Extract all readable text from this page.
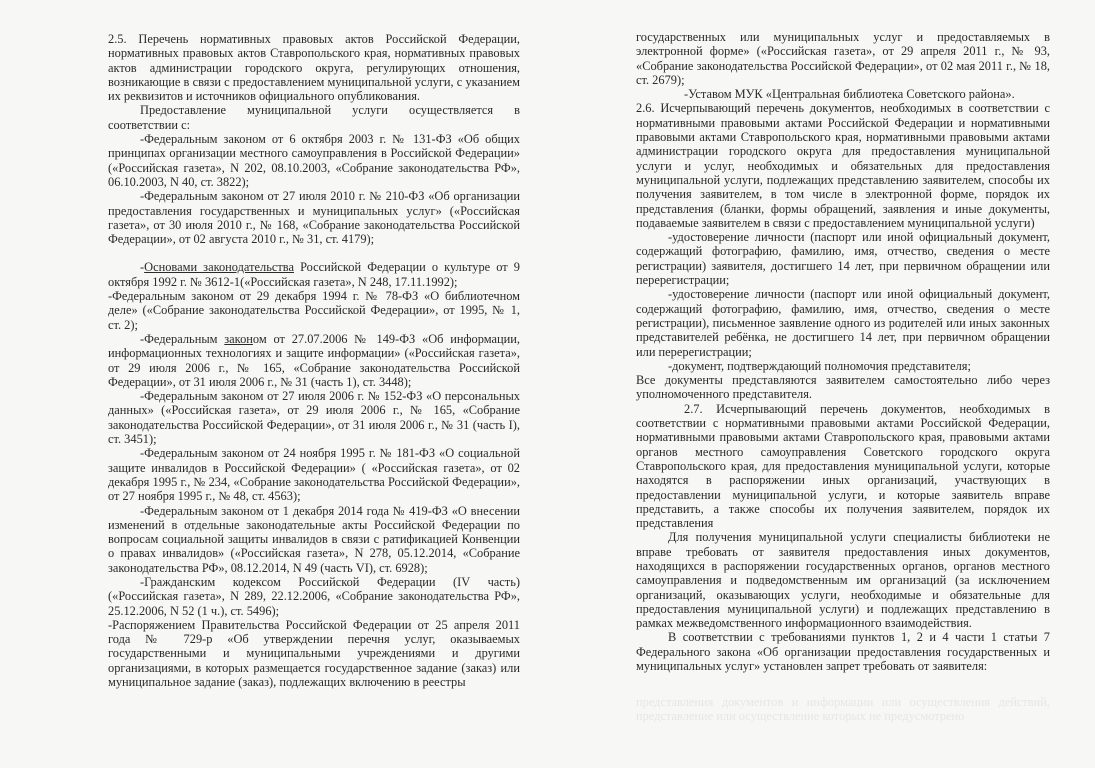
2.5. Перечень нормативных правовых актов Российской Федерации, нормативных правовых актов Ставропольского края, нормативных правовых актов администрации городского округа, регулирующих отношения, возникающие в связи с предоставлением муниципальной услуги, с указанием их реквизитов и источников официального опубликования.

Предоставление муниципальной услуги осуществляется в соответствии с:

-Федеральным законом от 6 октября 2003 г. № 131-ФЗ «Об общих принципах организации местного самоуправления в Российской Федерации» («Российская газета», N 202, 08.10.2003, «Собрание законодательства РФ», 06.10.2003, N 40, ст. 3822);

-Федеральным законом от 27 июля 2010 г. № 210-ФЗ «Об организации предоставления государственных и муниципальных услуг» («Российская газета», от 30 июля 2010 г., № 168, «Собрание законодательства Российской Федерации», от 02 августа 2010 г., № 31, ст. 4179);

-Основами законодательства Российской Федерации о культуре от 9 октября 1992 г. № 3612-1(«Российская газета», N 248, 17.11.1992);

-Федеральным законом от 29 декабря 1994 г. № 78-ФЗ «О библиотечном деле» («Собрание законодательства Российской Федерации», от 1995, № 1, ст. 2);

-Федеральным законом от 27.07.2006 № 149-ФЗ «Об информации, информационных технологиях и защите информации» («Российская газета», от 29 июля 2006 г., № 165, «Собрание законодательства Российской Федерации», от 31 июля 2006 г., № 31 (часть 1), ст. 3448);

-Федеральным законом от 27 июля 2006 г. № 152-ФЗ «О персональных данных» («Российская газета», от 29 июля 2006 г., № 165, «Собрание законодательства Российской Федерации», от 31 июля 2006 г., № 31 (часть I), ст. 3451);

-Федеральным законом от 24 ноября 1995 г. № 181-ФЗ «О социальной защите инвалидов в Российской Федерации» ( «Российская газета», от 02 декабря 1995 г., № 234, «Собрание законодательства Российской Федерации», от 27 ноября 1995 г., № 48, ст. 4563);

-Федеральным законом от 1 декабря 2014 года № 419-ФЗ «О внесении изменений в отдельные законодательные акты Российской Федерации по вопросам социальной защиты инвалидов в связи с ратификацией Конвенции о правах инвалидов» («Российская газета», N 278, 05.12.2014, «Собрание законодательства РФ», 08.12.2014, N 49 (часть VI), ст. 6928);

-Гражданским кодексом Российской Федерации (IV часть) («Российская газета», N 289, 22.12.2006, «Собрание законодательства РФ», 25.12.2006, N 52 (1 ч.), ст. 5496);

-Распоряжением Правительства Российской Федерации от 25 апреля 2011 года № 729-р «Об утверждении перечня услуг, оказываемых государственными и муниципальными учреждениями и другими организациями, в которых размещается государственное задание (заказ) или муниципальное задание (заказ), подлежащих включению в реестры

государственных или муниципальных услуг и предоставляемых в электронной форме» («Российская газета», от 29 апреля 2011 г., № 93, «Собрание законодательства Российской Федерации», от 02 мая 2011 г., № 18, ст. 2679);

-Уставом МУК «Центральная библиотека Советского района».

2.6. Исчерпывающий перечень документов, необходимых в соответствии с нормативными правовыми актами Российской Федерации и нормативными правовыми актами Ставропольского края, нормативными правовыми актами администрации городского округа для предоставления муниципальной услуги и услуг, необходимых и обязательных для предоставления муниципальной услуги, подлежащих представлению заявителем, способы их получения заявителем, в том числе в электронной форме, порядок их представления (бланки, формы обращений, заявления и иные документы, подаваемые заявителем в связи с предоставлением муниципальной услуги)

-удостоверение личности (паспорт или иной официальный документ, содержащий фотографию, фамилию, имя, отчество, сведения о месте регистрации) заявителя, достигшего 14 лет, при первичном обращении или перерегистрации;

-удостоверение личности (паспорт или иной официальный документ, содержащий фотографию, фамилию, имя, отчество, сведения о месте регистрации), письменное заявление одного из родителей или иных законных представителей ребёнка, не достигшего 14 лет, при первичном обращении или перерегистрации;

-документ, подтверждающий полномочия представителя;

Все документы представляются заявителем самостоятельно либо через уполномоченного представителя.

2.7. Исчерпывающий перечень документов, необходимых в соответствии с нормативными правовыми актами Российской Федерации, нормативными правовыми актами Ставропольского края, правовыми актами органов местного самоуправления Советского городского округа Ставропольского края, для предоставления муниципальной услуги, которые находятся в распоряжении иных организаций, участвующих в предоставлении муниципальной услуги, и которые заявитель вправе представить, а также способы их получения заявителем, порядок их представления

Для получения муниципальной услуги специалисты библиотеки не вправе требовать от заявителя предоставления иных документов, находящихся в распоряжении государственных органов, органов местного самоуправления и подведомственным им организаций (за исключением организаций, оказывающих услуги, необходимые и обязательные для предоставления муниципальной услуги) и подлежащих представлению в рамках межведомственного информационного взаимодействия.

В соответствии с требованиями пунктов 1, 2 и 4 части 1 статьи 7 Федерального закона «Об организации предоставления государственных и муниципальных услуг» установлен запрет требовать от заявителя:

представления документов и информации или осуществления действий, представление или осуществление которых не предусмотрено
